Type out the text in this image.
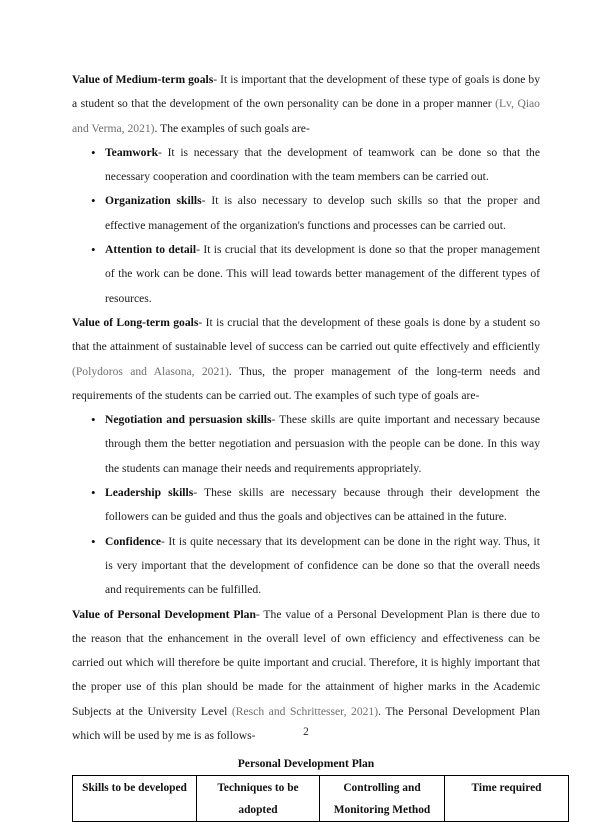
Value of Medium-term goals- It is important that the development of these type of goals is done by a student so that the development of the own personality can be done in a proper manner (Lv, Qiao and Verma, 2021). The examples of such goals are-

• Teamwork- It is necessary that the development of teamwork can be done so that the necessary cooperation and coordination with the team members can be carried out.
• Organization skills- It is also necessary to develop such skills so that the proper and effective management of the organization's functions and processes can be carried out.
• Attention to detail- It is crucial that its development is done so that the proper management of the work can be done. This will lead towards better management of the different types of resources.

Value of Long-term goals- It is crucial that the development of these goals is done by a student so that the attainment of sustainable level of success can be carried out quite effectively and efficiently (Polydoros and Alasona, 2021). Thus, the proper management of the long-term needs and requirements of the students can be carried out. The examples of such type of goals are-

• Negotiation and persuasion skills- These skills are quite important and necessary because through them the better negotiation and persuasion with the people can be done. In this way the students can manage their needs and requirements appropriately.
• Leadership skills- These skills are necessary because through their development the followers can be guided and thus the goals and objectives can be attained in the future.
• Confidence- It is quite necessary that its development can be done in the right way. Thus, it is very important that the development of confidence can be done so that the overall needs and requirements can be fulfilled.

Value of Personal Development Plan- The value of a Personal Development Plan is there due to the reason that the enhancement in the overall level of own efficiency and effectiveness can be carried out which will therefore be quite important and crucial. Therefore, it is highly important that the proper use of this plan should be made for the attainment of higher marks in the Academic Subjects at the University Level (Resch and Schrittesser, 2021). The Personal Development Plan which will be used by me is as follows-

Personal Development Plan
Skills to be developed	Techniques to be adopted	Controlling and Monitoring Method	Time required
2
